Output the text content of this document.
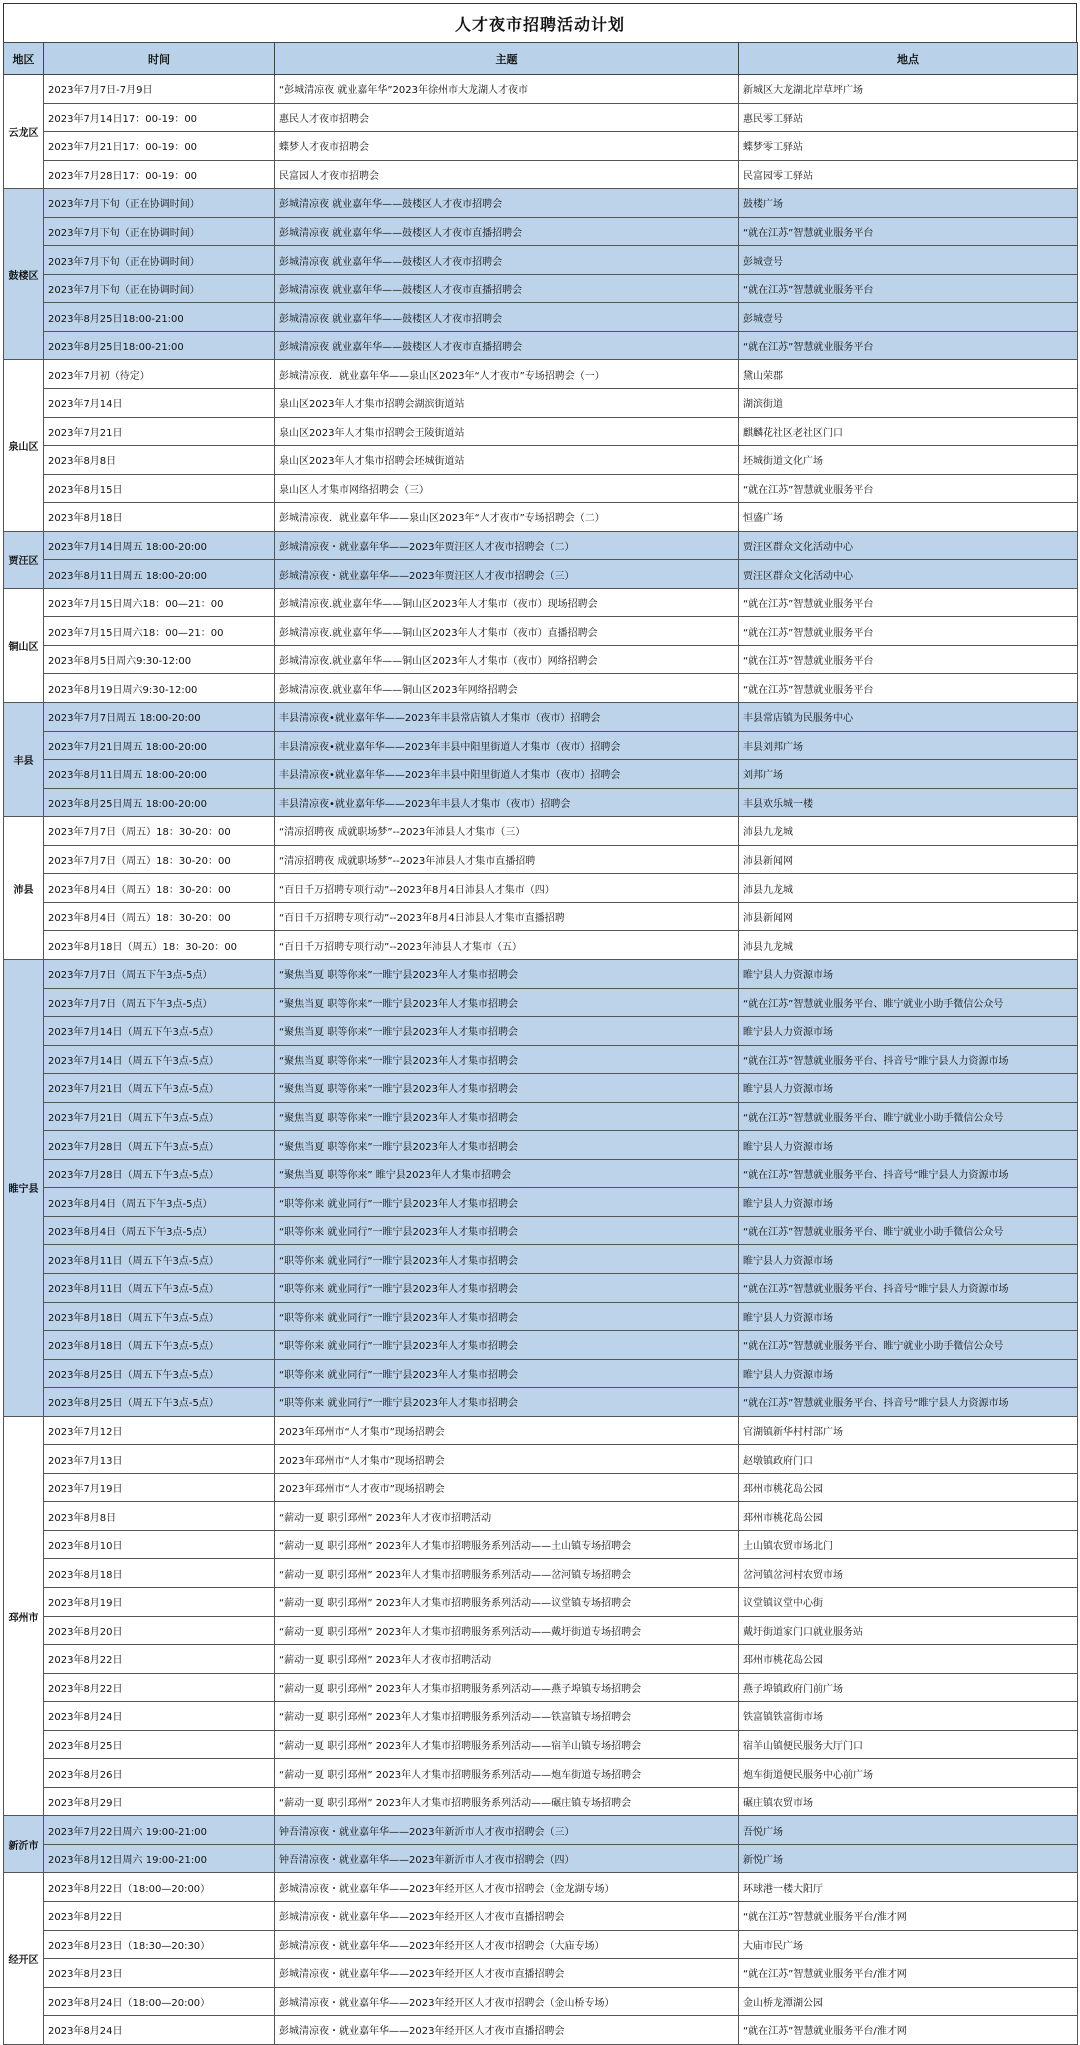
人才夜市招聘活动计划
地区	时间	主题	地点
云龙区	2023年7月7日-7月9日	“彭城清凉夜 就业嘉年华”2023年徐州市大龙湖人才夜市	新城区大龙湖北岸草坪广场
	2023年7月14日17：00-19：00	惠民人才夜市招聘会	惠民零工驿站
	2023年7月21日17：00-19：00	蝶梦人才夜市招聘会	蝶梦零工驿站
	2023年7月28日17：00-19：00	民富园人才夜市招聘会	民富园零工驿站
鼓楼区	2023年7月下旬（正在协调时间）	彭城清凉夜 就业嘉年华——鼓楼区人才夜市招聘会	鼓楼广场
	2023年7月下旬（正在协调时间）	彭城清凉夜 就业嘉年华——鼓楼区人才夜市直播招聘会	“就在江苏”智慧就业服务平台
	2023年7月下旬（正在协调时间）	彭城清凉夜 就业嘉年华——鼓楼区人才夜市招聘会	彭城壹号
	2023年7月下旬（正在协调时间）	彭城清凉夜 就业嘉年华——鼓楼区人才夜市直播招聘会	“就在江苏”智慧就业服务平台
	2023年8月25日18:00-21:00	彭城清凉夜 就业嘉年华——鼓楼区人才夜市招聘会	彭城壹号
	2023年8月25日18:00-21:00	彭城清凉夜 就业嘉年华——鼓楼区人才夜市直播招聘会	“就在江苏”智慧就业服务平台
泉山区	2023年7月初（待定）	彭城清凉夜．就业嘉年华——泉山区2023年“人才夜市”专场招聘会（一）	黛山荣郡
	2023年7月14日	泉山区2023年人才集市招聘会湖滨街道站	湖滨街道
	2023年7月21日	泉山区2023年人才集市招聘会王陵街道站	麒麟花社区老社区门口
	2023年8月8日	泉山区2023年人才集市招聘会坯城街道站	坯城街道文化广场
	2023年8月15日	泉山区人才集市网络招聘会（三）	“就在江苏”智慧就业服务平台
	2023年8月18日	彭城清凉夜．就业嘉年华——泉山区2023年“人才夜市”专场招聘会（二）	恒盛广场
贾汪区	2023年7月14日周五 18:00-20:00	彭城清凉夜・就业嘉年华——2023年贾汪区人才夜市招聘会（二）	贾汪区群众文化活动中心
	2023年8月11日周五 18:00-20:00	彭城清凉夜・就业嘉年华——2023年贾汪区人才夜市招聘会（三）	贾汪区群众文化活动中心
铜山区	2023年7月15日周六18：00—21：00	彭城清凉夜.就业嘉年华——铜山区2023年人才集市（夜市）现场招聘会	“就在江苏”智慧就业服务平台
	2023年7月15日周六18：00—21：00	彭城清凉夜.就业嘉年华——铜山区2023年人才集市（夜市）直播招聘会	“就在江苏”智慧就业服务平台
	2023年8月5日周六9:30-12:00	彭城清凉夜.就业嘉年华——铜山区2023年人才集市（夜市）网络招聘会	“就在江苏”智慧就业服务平台
	2023年8月19日周六9:30-12:00	彭城清凉夜.就业嘉年华——铜山区2023年网络招聘会	“就在江苏”智慧就业服务平台
丰县	2023年7月7日周五 18:00-20:00	丰县清凉夜•就业嘉年华——2023年丰县常店镇人才集市（夜市）招聘会	丰县常店镇为民服务中心
	2023年7月21日周五 18:00-20:00	丰县清凉夜•就业嘉年华——2023年丰县中阳里街道人才集市（夜市）招聘会	丰县刘邦广场
	2023年8月11日周五 18:00-20:00	丰县清凉夜•就业嘉年华——2023年丰县中阳里街道人才集市（夜市）招聘会	刘邦广场
	2023年8月25日周五 18:00-20:00	丰县清凉夜•就业嘉年华——2023年丰县人才集市（夜市）招聘会	丰县欢乐城一楼
沛县	2023年7月7日（周五）18：30-20：00	“清凉招聘夜 成就职场梦”--2023年沛县人才集市（三）	沛县九龙城
	2023年7月7日（周五）18：30-20：00	“清凉招聘夜 成就职场梦”--2023年沛县人才集市直播招聘	沛县新闻网
	2023年8月4日（周五）18：30-20：00	“百日千万招聘专项行动”--2023年8月4日沛县人才集市（四）	沛县九龙城
	2023年8月4日（周五）18：30-20：00	“百日千万招聘专项行动”--2023年8月4日沛县人才集市直播招聘	沛县新闻网
	2023年8月18日（周五）18：30-20：00	“百日千万招聘专项行动”--2023年沛县人才集市（五）	沛县九龙城
睢宁县	2023年7月7日（周五下午3点-5点）	“聚焦当夏 职等你来”一睢宁县2023年人才集市招聘会	睢宁县人力资源市场
	2023年7月7日（周五下午3点-5点）	“聚焦当夏 职等你来”一睢宁县2023年人才集市招聘会	“就在江苏”智慧就业服务平台、睢宁就业小助手微信公众号
	2023年7月14日（周五下午3点-5点）	“聚焦当夏 职等你来”一睢宁县2023年人才集市招聘会	睢宁县人力资源市场
	2023年7月14日（周五下午3点-5点）	“聚焦当夏 职等你来”一睢宁县2023年人才集市招聘会	“就在江苏”智慧就业服务平台、抖音号“睢宁县人力资源市场
	2023年7月21日（周五下午3点-5点）	“聚焦当夏 职等你来”一睢宁县2023年人才集市招聘会	睢宁县人力资源市场
	2023年7月21日（周五下午3点-5点）	“聚焦当夏 职等你来”一睢宁县2023年人才集市招聘会	“就在江苏”智慧就业服务平台、睢宁就业小助手微信公众号
	2023年7月28日（周五下午3点-5点）	“聚焦当夏 职等你来”一睢宁县2023年人才集市招聘会	睢宁县人力资源市场
	2023年7月28日（周五下午3点-5点）	“聚焦当夏 职等你来” 睢宁县2023年人才集市招聘会	“就在江苏”智慧就业服务平台、抖音号“睢宁县人力资源市场
	2023年8月4日（周五下午3点-5点）	“职等你来 就业同行”一睢宁县2023年人才集市招聘会	睢宁县人力资源市场
	2023年8月4日（周五下午3点-5点）	“职等你来 就业同行”一睢宁县2023年人才集市招聘会	“就在江苏”智慧就业服务平台、睢宁就业小助手微信公众号
	2023年8月11日（周五下午3点-5点）	“职等你来 就业同行”一睢宁县2023年人才集市招聘会	睢宁县人力资源市场
	2023年8月11日（周五下午3点-5点）	“职等你来 就业同行”一睢宁县2023年人才集市招聘会	“就在江苏”智慧就业服务平台、抖音号“睢宁县人力资源市场
	2023年8月18日（周五下午3点-5点）	“职等你来 就业同行”一睢宁县2023年人才集市招聘会	睢宁县人力资源市场
	2023年8月18日（周五下午3点-5点）	“职等你来 就业同行”一睢宁县2023年人才集市招聘会	“就在江苏”智慧就业服务平台、睢宁就业小助手微信公众号
	2023年8月25日（周五下午3点-5点）	“职等你来 就业同行”一睢宁县2023年人才集市招聘会	睢宁县人力资源市场
	2023年8月25日（周五下午3点-5点）	“职等你来 就业同行”一睢宁县2023年人才集市招聘会	“就在江苏”智慧就业服务平台、抖音号“睢宁县人力资源市场
邳州市	2023年7月12日	2023年邳州市“人才集市”现场招聘会	官湖镇新华村村部广场
	2023年7月13日	2023年邳州市“人才集市”现场招聘会	赵墩镇政府门口
	2023年7月19日	2023年邳州市“人才夜市”现场招聘会	邳州市桃花岛公园
	2023年8月8日	“薪动一夏 职引邳州” 2023年人才夜市招聘活动	邳州市桃花岛公园
	2023年8月10日	“薪动一夏 职引邳州” 2023年人才集市招聘服务系列活动——土山镇专场招聘会	土山镇农贸市场北门
	2023年8月18日	“薪动一夏 职引邳州” 2023年人才集市招聘服务系列活动——岔河镇专场招聘会	岔河镇岔河村农贸市场
	2023年8月19日	“薪动一夏 职引邳州” 2023年人才集市招聘服务系列活动——议堂镇专场招聘会	议堂镇议堂中心街
	2023年8月20日	“薪动一夏 职引邳州” 2023年人才集市招聘服务系列活动——戴圩街道专场招聘会	戴圩街道家门口就业服务站
	2023年8月22日	“薪动一夏 职引邳州” 2023年人才夜市招聘活动	邳州市桃花岛公园
	2023年8月22日	“薪动一夏 职引邳州” 2023年人才集市招聘服务系列活动——燕子埠镇专场招聘会	燕子埠镇政府门前广场
	2023年8月24日	“薪动一夏 职引邳州” 2023年人才集市招聘服务系列活动——铁富镇专场招聘会	铁富镇铁富街市场
	2023年8月25日	“薪动一夏 职引邳州” 2023年人才集市招聘服务系列活动——宿羊山镇专场招聘会	宿羊山镇便民服务大厅门口
	2023年8月26日	“薪动一夏 职引邳州” 2023年人才集市招聘服务系列活动——炮车街道专场招聘会	炮车街道便民服务中心前广场
	2023年8月29日	“薪动一夏 职引邳州” 2023年人才集市招聘服务系列活动——碾庄镇专场招聘会	碾庄镇农贸市场
新沂市	2023年7月22日周六 19:00-21:00	钟吾清凉夜・就业嘉年华——2023年新沂市人才夜市招聘会（三）	吾悦广场
	2023年8月12日周六 19:00-21:00	钟吾清凉夜・就业嘉年华——2023年新沂市人才夜市招聘会（四）	新悦广场
经开区	2023年8月22日（18:00—20:00）	彭城清凉夜・就业嘉年华——2023年经开区人才夜市招聘会（金龙湖专场）	环球港一楼大阳厅
	2023年8月22日	彭城清凉夜・就业嘉年华——2023年经开区人才夜市直播招聘会	“就在江苏”智慧就业服务平台/淮才网
	2023年8月23日（18:30—20:30）	彭城清凉夜・就业嘉年华——2023年经开区人才夜市招聘会（大庙专场）	大庙市民广场
	2023年8月23日	彭城清凉夜・就业嘉年华——2023年经开区人才夜市直播招聘会	“就在江苏”智慧就业服务平台/淮才网
	2023年8月24日（18:00—20:00）	彭城清凉夜・就业嘉年华——2023年经开区人才夜市招聘会（金山桥专场）	金山桥龙潭湖公园
	2023年8月24日	彭城清凉夜・就业嘉年华——2023年经开区人才夜市直播招聘会	“就在江苏”智慧就业服务平台/淮才网
